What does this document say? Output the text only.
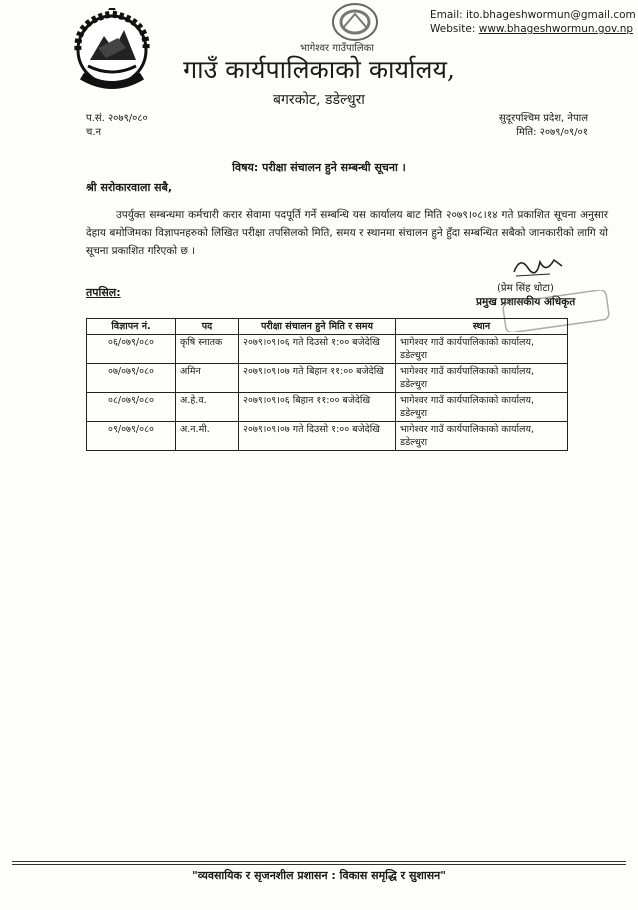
भागेश्वर गाउँपालिका
Email: ito.bhageshwormun@gmail.com
Website: www.bhageshwormun.gov.np
गाउँ कार्यपालिकाको कार्यालय,
बगरकोट, डडेल्धुरा
प.सं. २०७९/०८०
च.न
सुदूरपश्चिम प्रदेश, नेपाल
मिति: २०७९/०९/०१
विषय: परीक्षा संचालन हुने सम्बन्धी सूचना ।
श्री सरोकारवाला सबै,
उपर्युक्त सम्बन्धमा कर्मचारी करार सेवामा पदपूर्ति गर्ने सम्बन्धि यस कार्यालय बाट मिति २०७९।०८।१४ गते प्रकाशित सूचना अनुसार देहाय बमोजिमका विज्ञापनहरुको लिखित परीक्षा तपसिलको मिति, समय र स्थानमा संचालन हुने हुँदा सम्बन्धित सबैको जानकारीको लागि यो सूचना प्रकाशित गरिएको छ ।
(प्रेम सिंह धोटा)
प्रमुख प्रशासकीय अधिकृत
तपसिल:
विज्ञापन नं.	पद	परीक्षा संचालन हुने मिति र समय	स्थान
०६/०७९/०८०	कृषि स्नातक	२०७९।०९।०६ गते दिउसो १:०० बजेदेखि	भागेश्वर गाउँ कार्यपालिकाको कार्यालय, डडेल्धुरा
०७/०७९/०८०	अमिन	२०७९।०९।०७ गते बिहान ११:०० बजेदेखि	भागेश्वर गाउँ कार्यपालिकाको कार्यालय, डडेल्धुरा
०८/०७९/०८०	अ.हे.व.	२०७९।०९।०६ बिहान ११:०० बजेदेखि	भागेश्वर गाउँ कार्यपालिकाको कार्यालय, डडेल्धुरा
०९/०७९/०८०	अ.न.मी.	२०७९।०९।०७ गते दिउसो १:०० बजेदेखि	भागेश्वर गाउँ कार्यपालिकाको कार्यालय, डडेल्धुरा
"व्यवसायिक र सृजनशील प्रशासन : विकास समृद्धि र सुशासन"
